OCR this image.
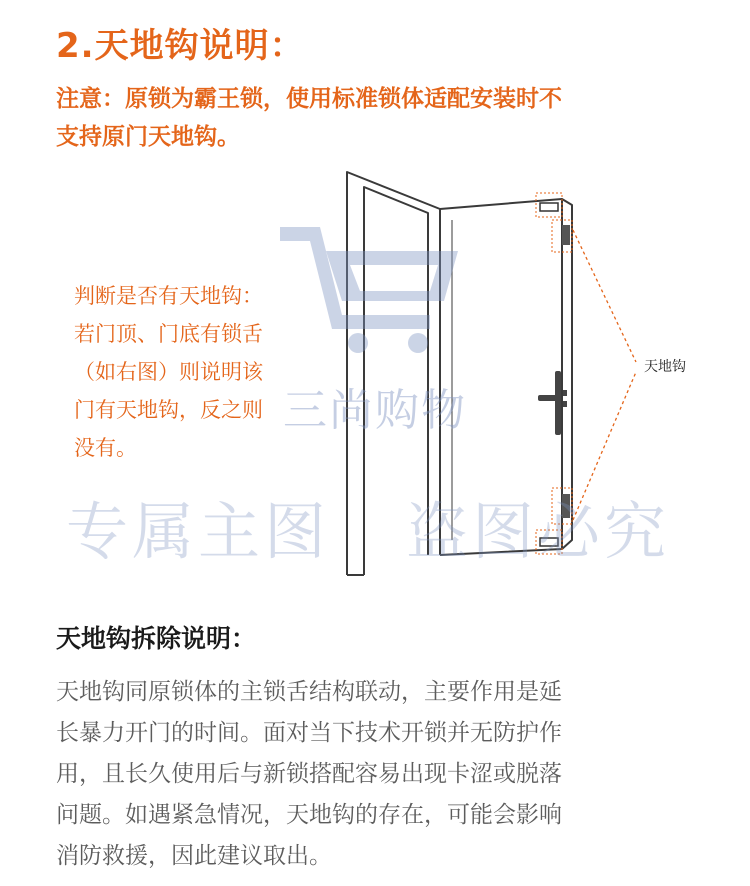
2.天地钩说明：
注意：原锁为霸王锁，使用标准锁体适配安装时不
支持原门天地钩。
天地钩
判断是否有天地钩：
若门顶、门底有锁舌
（如右图）则说明该
门有天地钩，反之则
没有。
三尚购物
专属主图 盗图必究
天地钩拆除说明：
天地钩同原锁体的主锁舌结构联动，主要作用是延
长暴力开门的时间。面对当下技术开锁并无防护作
用，且长久使用后与新锁搭配容易出现卡涩或脱落
问题。如遇紧急情况，天地钩的存在，可能会影响
消防救援，因此建议取出。
